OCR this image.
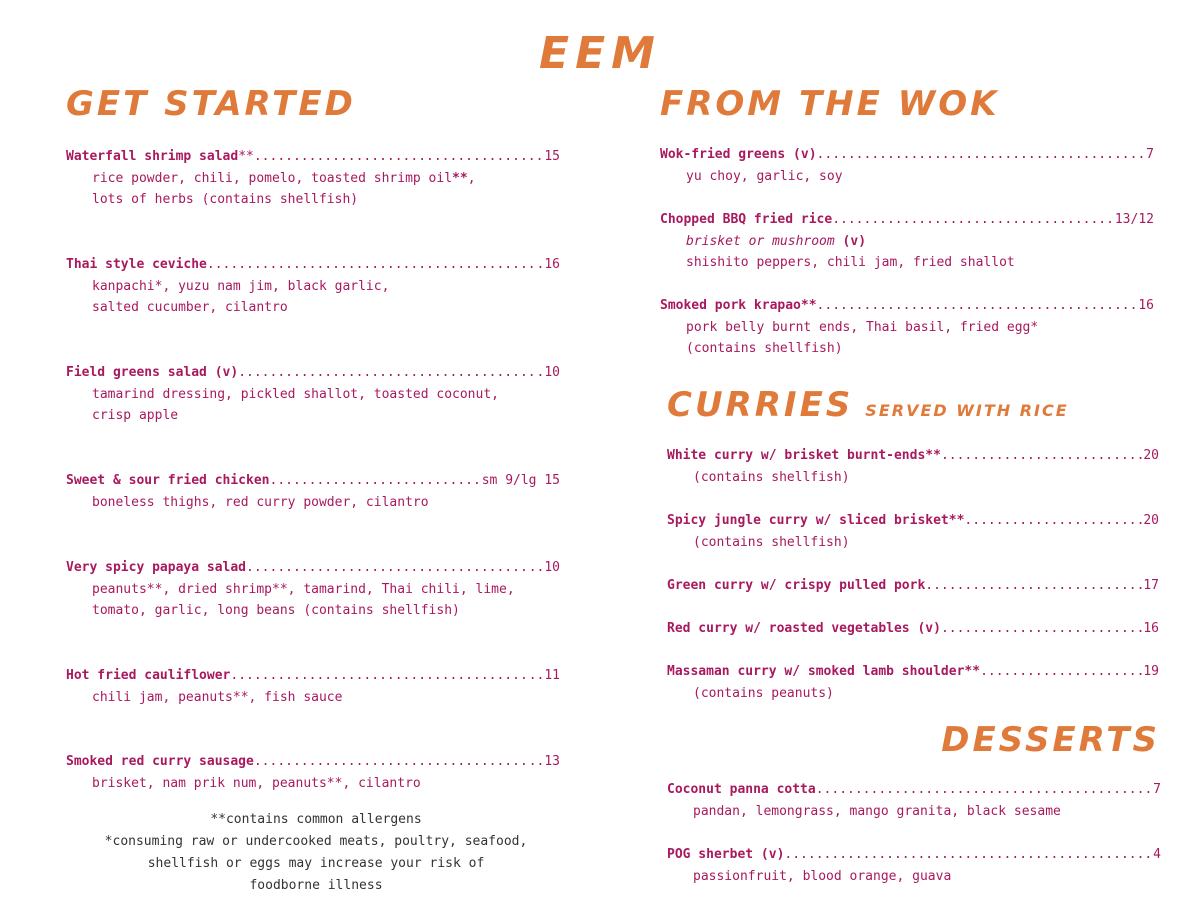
EEM
GET STARTED
Waterfall shrimp salad ** .....	15
rice powder, chili, pomelo, toasted shrimp oil**,
lots of herbs (contains shellfish)
Thai style ceviche .....	.16
kanpachi*, yuzu nam jim, black garlic,
salted cucumber, cilantro
Field greens salad (v) .....	.10
tamarind dressing, pickled shallot, toasted coconut,
crisp apple
Sweet & sour fried chicken .....	sm 9/lg 15
boneless thighs, red curry powder, cilantro
Very spicy papaya salad .....	..10
peanuts**, dried shrimp**, tamarind, Thai chili, lime,
tomato, garlic, long beans (contains shellfish)
Hot fried cauliflower .....	..11
chili jam, peanuts**, fish sauce
Smoked red curry sausage .....	..13
brisket, nam prik num, peanuts**, cilantro
**contains common allergens
*consuming raw or undercooked meats, poultry, seafood,
shellfish or eggs may increase your risk of
foodborne illness
FROM THE WOK
Wok-fried greens (v) .....	7
yu choy, garlic, soy
Chopped BBQ fried rice .....	13/12
brisket or mushroom (v)
shishito peppers, chili jam, fried shallot
Smoked pork krapao** .....	16
pork belly burnt ends, Thai basil, fried egg*
(contains shellfish)
CURRIES SERVED WITH RICE
White curry w/ brisket burnt-ends** .....	20
(contains shellfish)
Spicy jungle curry w/ sliced brisket** .....	20
(contains shellfish)
Green curry w/ crispy pulled pork .....	17
Red curry w/ roasted vegetables (v) .....	16
Massaman curry w/ smoked lamb shoulder** .....	19
(contains peanuts)
DESSERTS
Coconut panna cotta .....	7
pandan, lemongrass, mango granita, black sesame
POG sherbet (v) .....	4
passionfruit, blood orange, guava
